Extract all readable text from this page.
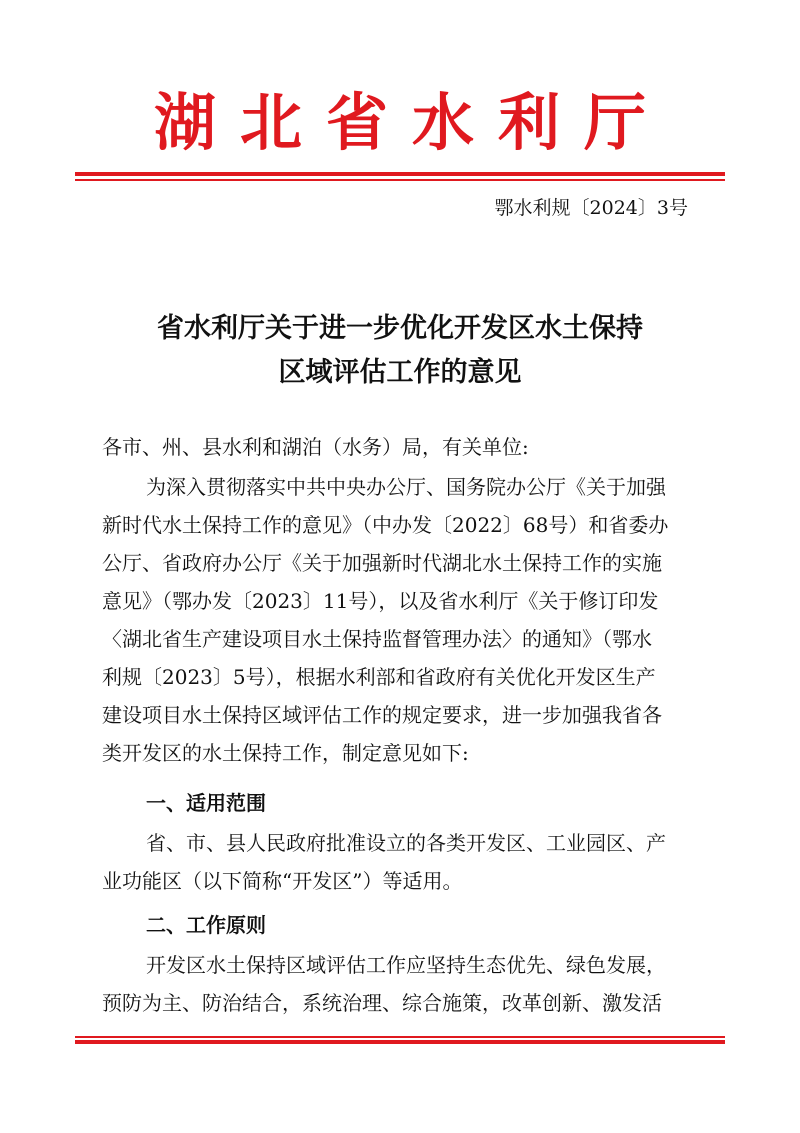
湖北省水利厅
鄂水利规〔2024〕3号
省水利厅关于进一步优化开发区水土保持
区域评估工作的意见
各市、州、县水利和湖泊（水务）局，有关单位:
为深入贯彻落实中共中央办公厅、国务院办公厅《关于加强
新时代水土保持工作的意见》（中办发〔2022〕68号）和省委办
公厅、省政府办公厅《关于加强新时代湖北水土保持工作的实施
意见》（鄂办发〔2023〕11号），以及省水利厅《关于修订印发
〈湖北省生产建设项目水土保持监督管理办法〉的通知》（鄂水
利规〔2023〕5号），根据水利部和省政府有关优化开发区生产
建设项目水土保持区域评估工作的规定要求，进一步加强我省各
类开发区的水土保持工作，制定意见如下:
一、适用范围
省、市、县人民政府批准设立的各类开发区、工业园区、产
业功能区（以下简称“开发区”）等适用。
二、工作原则
开发区水土保持区域评估工作应坚持生态优先、绿色发展，
预防为主、防治结合，系统治理、综合施策，改革创新、激发活
